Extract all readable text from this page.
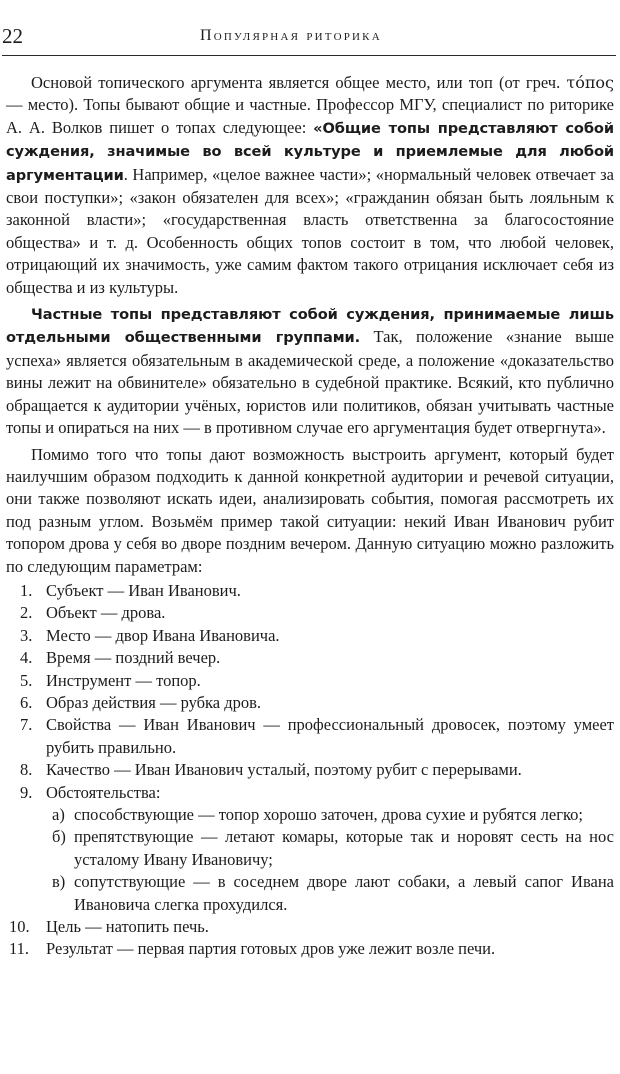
22	Популярная риторика

Основой топического аргумента является общее место, или топ (от греч. τόπος — место). Топы бывают общие и частные. Профессор МГУ, специалист по риторике А. А. Волков пишет о топах следующее: «Общие топы представляют собой суждения, значимые во всей культуре и приемлемые для любой аргументации. Например, «целое важнее части»; «нормальный человек отвечает за свои поступки»; «закон обязателен для всех»; «гражданин обязан быть лояльным к законной власти»; «государственная власть ответственна за благосостояние общества» и т. д. Особенность общих топов состоит в том, что любой человек, отрицающий их значимость, уже самим фактом такого отрицания исключает себя из общества и из культуры.

Частные топы представляют собой суждения, принимаемые лишь отдельными общественными группами. Так, положение «знание выше успеха» является обязательным в академической среде, а положение «доказательство вины лежит на обвинителе» обязательно в судебной практике. Всякий, кто публично обращается к аудитории учёных, юристов или политиков, обязан учитывать частные топы и опираться на них — в противном случае его аргументация будет отвергнута».

Помимо того что топы дают возможность выстроить аргумент, который будет наилучшим образом подходить к данной конкретной аудитории и речевой ситуации, они также позволяют искать идеи, анализировать события, помогая рассмотреть их под разным углом. Возьмём пример такой ситуации: некий Иван Иванович рубит топором дрова у себя во дворе поздним вечером. Данную ситуацию можно разложить по следующим параметрам:

1. Субъект — Иван Иванович.
2. Объект — дрова.
3. Место — двор Ивана Ивановича.
4. Время — поздний вечер.
5. Инструмент — топор.
6. Образ действия — рубка дров.
7. Свойства — Иван Иванович — профессиональный дровосек, поэтому умеет рубить правильно.
8. Качество — Иван Иванович усталый, поэтому рубит с перерывами.
9. Обстоятельства:
а) способствующие — топор хорошо заточен, дрова сухие и рубятся легко;
б) препятствующие — летают комары, которые так и норовят сесть на нос усталому Ивану Ивановичу;
в) сопутствующие — в соседнем дворе лают собаки, а левый сапог Ивана Ивановича слегка прохудился.
10. Цель — натопить печь.
11. Результат — первая партия готовых дров уже лежит возле печи.
